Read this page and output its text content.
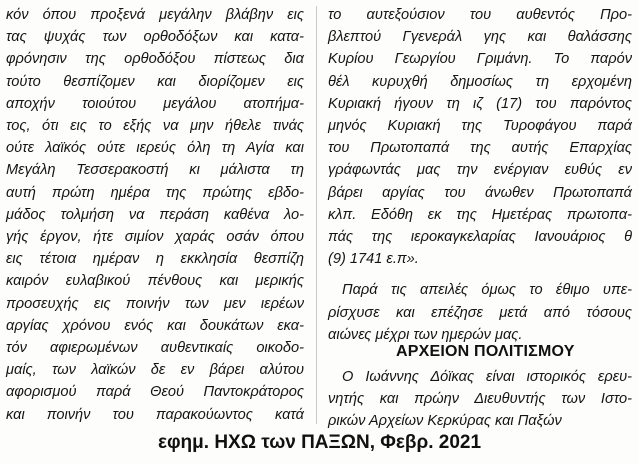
κόν όπου προξενά μεγάλην βλάβην εις
τας ψυχάς των ορθοδόξων και κατα-
φρόνησιν της ορθοδόξου πίστεως δια
τούτο θεσπίζομεν και διορίζομεν εις
αποχήν τοιούτου μεγάλου ατοπήμα-
τος, ότι εις το εξής να μην ήθελε τινάς
ούτε λαϊκός ούτε ιερεύς όλη τη Αγία και
Μεγάλη Τεσσερακοστή κι μάλιστα τη
αυτή πρώτη ημέρα της πρώτης εβδο-
μάδος τολμήση να περάση καθένα λο-
γής έργον, ήτε σιμίον χαράς οσάν όπου
εις τέτοια ημέραν η εκκλησία θεσπίζη
καιρόν ευλαβικού πένθους και μερικής
προσευχής εις ποινήν των μεν ιερέων
αργίας χρόνου ενός και δουκάτων εκα-
τόν αφιερωμένων αυθεντικαίς οικοδο-
μαίς, των λαϊκών δε εν βάρει αλύτου
αφορισμού παρά Θεού Παντοκράτορος
και ποινήν του παρακούωντος κατά
το αυτεξούσιον του αυθεντός Προ-
βλεπτού Γγενεράλ γης και θαλάσσης
Κυρίου Γεωργίου Γριμάνη. Το παρόν
θέλ κυρυχθή δημοσίως τη ερχομένη
Κυριακή ήγουν τη ιζ (17) του παρόντος
μηνός Κυριακή της Τυροφάγου παρά
του Πρωτοπαπά της αυτής Επαρχίας
γράφωντάς μας την ενέργιαν ευθύς εν
βάρει αργίας του άνωθεν Πρωτοπαπά
κλπ. Εδόθη εκ της Ημετέρας πρωτοπα-
πάς της ιεροκαγκελαρίας Ιανουάριος θ
(9) 1741 ε.π».
Παρά τις απειλές όμως το έθιμο υπε-
ρίσχυσε και επέζησε μετά από τόσους
αιώνες μέχρι των ημερών μας.
ΑΡΧΕΙΟΝ ΠΟΛΙΤΙΣΜΟΥ
Ο Ιωάννης Δόϊκας είναι ιστορικός ερευ-
νητής και πρώην Διευθυντής των Ιστο-
ρικών Αρχείων Κερκύρας και Παξών
εφημ. ΗΧΩ των ΠΑΞΩΝ, Φεβρ. 2021
